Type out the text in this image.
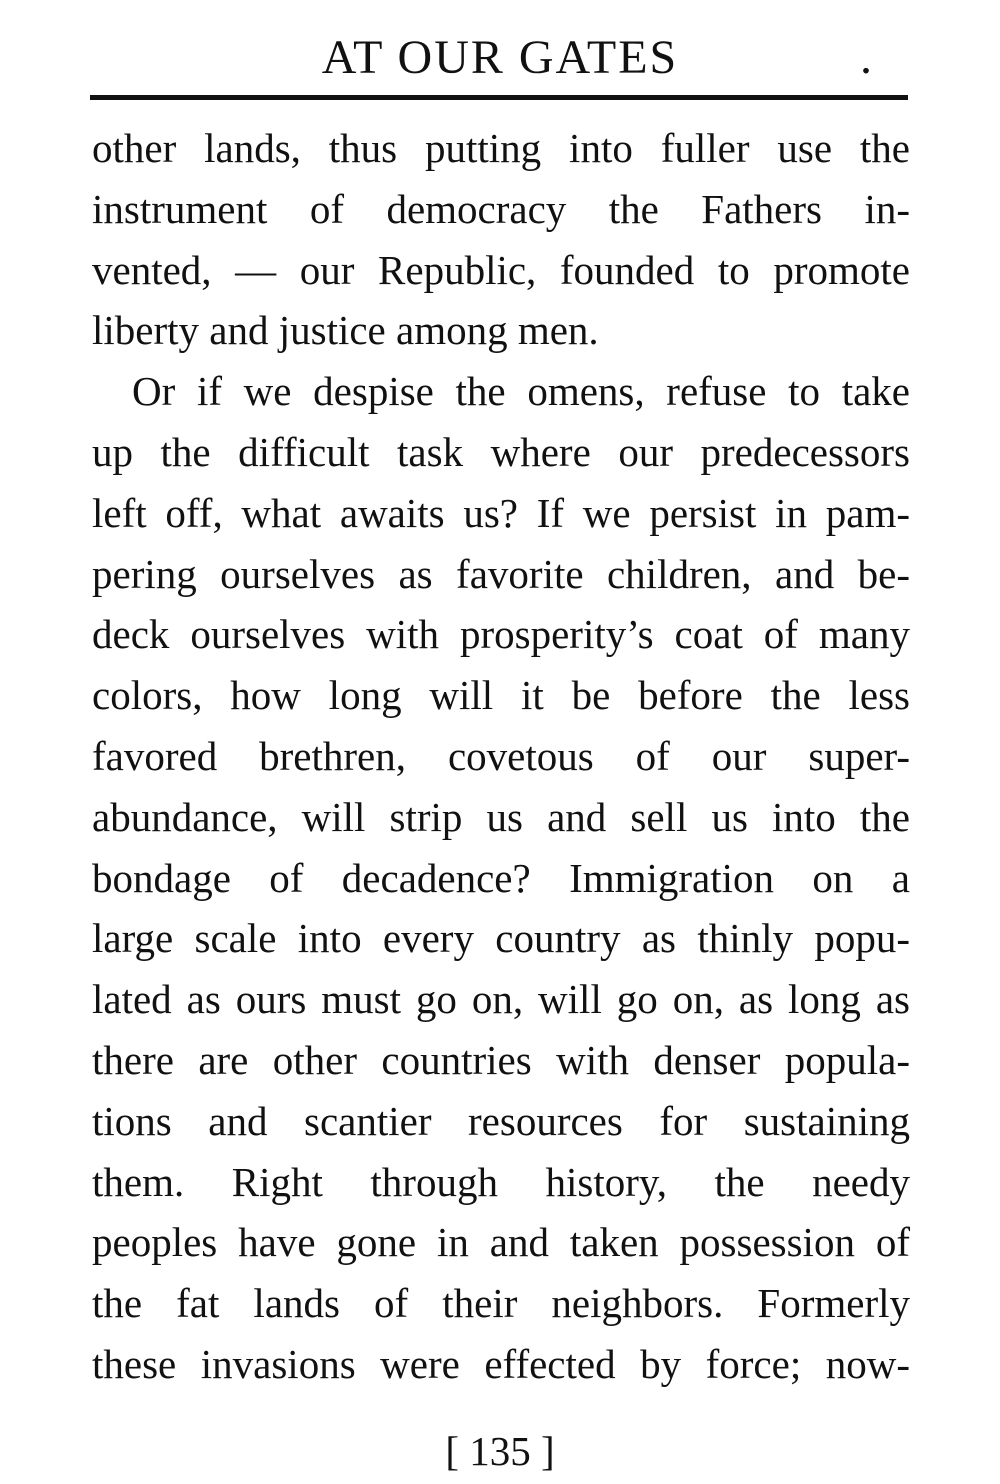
AT OUR GATES	.
other lands, thus putting into fuller use the
instrument of democracy the Fathers in-
vented, — our Republic, founded to promote
liberty and justice among men.
Or if we despise the omens, refuse to take
up the difficult task where our predecessors
left off, what awaits us? If we persist in pam-
pering ourselves as favorite children, and be-
deck ourselves with prosperity’s coat of many
colors, how long will it be before the less
favored brethren, covetous of our super-
abundance, will strip us and sell us into the
bondage of decadence? Immigration on a
large scale into every country as thinly popu-
lated as ours must go on, will go on, as long as
there are other countries with denser popula-
tions and scantier resources for sustaining
them. Right through history, the needy
peoples have gone in and taken possession of
the fat lands of their neighbors. Formerly
these invasions were effected by force; now-
[ 135 ]
